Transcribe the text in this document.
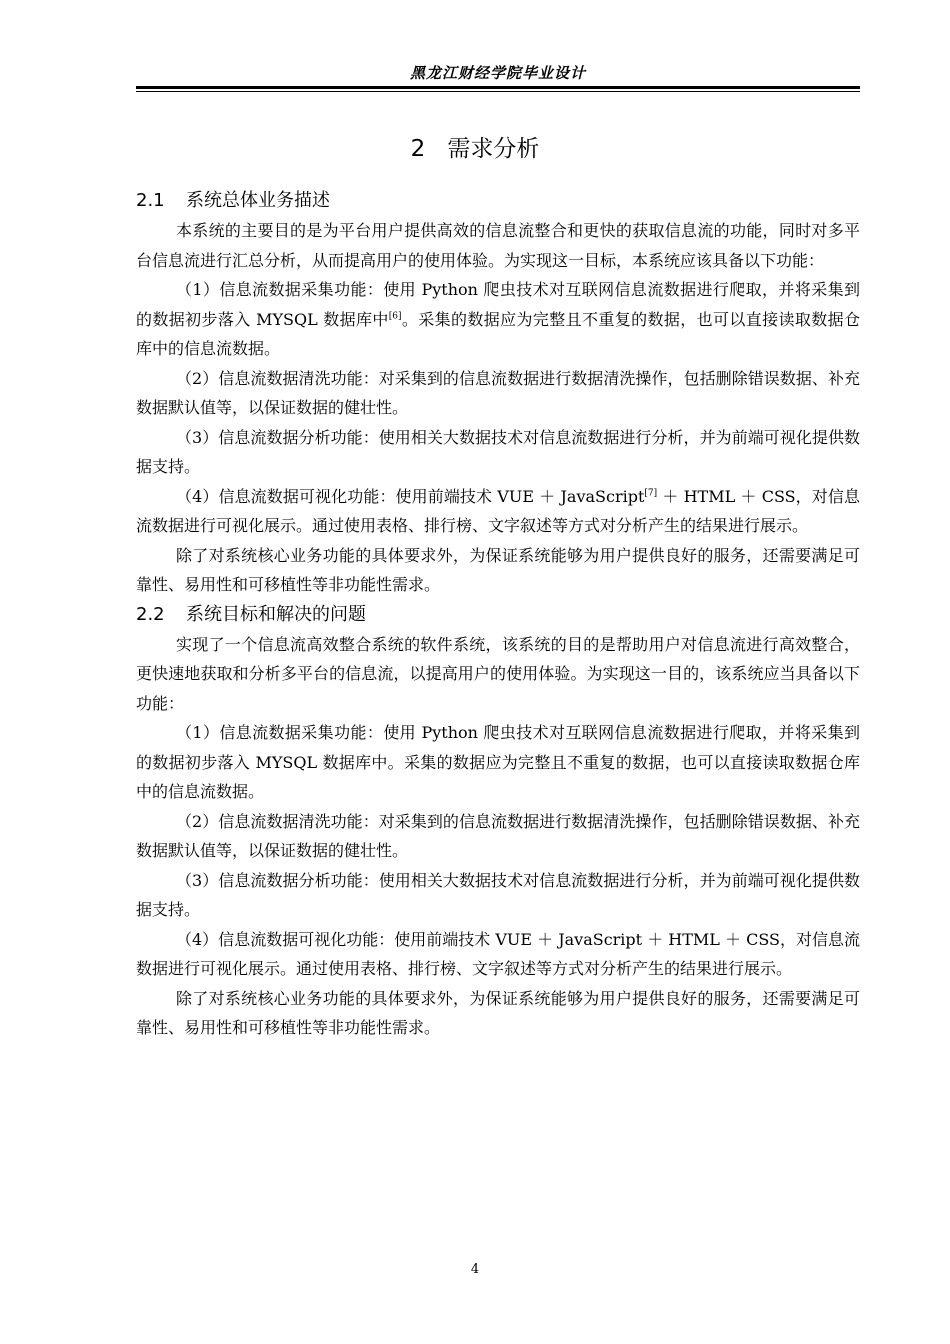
黑龙江财经学院毕业设计
2 需求分析
2.1 系统总体业务描述

本系统的主要目的是为平台用户提供高效的信息流整合和更快的获取信息流的功能，同时对多平台信息流进行汇总分析，从而提高用户的使用体验。为实现这一目标，本系统应该具备以下功能：

（1）信息流数据采集功能：使用 Python 爬虫技术对互联网信息流数据进行爬取，并将采集到的数据初步落入 MYSQL 数据库中[6]。采集的数据应为完整且不重复的数据，也可以直接读取数据仓库中的信息流数据。

（2）信息流数据清洗功能：对采集到的信息流数据进行数据清洗操作，包括删除错误数据、补充数据默认值等，以保证数据的健壮性。

（3）信息流数据分析功能：使用相关大数据技术对信息流数据进行分析，并为前端可视化提供数据支持。

（4）信息流数据可视化功能：使用前端技术 VUE ＋ JavaScript[7] ＋ HTML ＋ CSS，对信息流数据进行可视化展示。通过使用表格、排行榜、文字叙述等方式对分析产生的结果进行展示。

除了对系统核心业务功能的具体要求外，为保证系统能够为用户提供良好的服务，还需要满足可靠性、易用性和可移植性等非功能性需求。

2.2 系统目标和解决的问题

实现了一个信息流高效整合系统的软件系统，该系统的目的是帮助用户对信息流进行高效整合，更快速地获取和分析多平台的信息流，以提高用户的使用体验。为实现这一目的，该系统应当具备以下功能：

（1）信息流数据采集功能：使用 Python 爬虫技术对互联网信息流数据进行爬取，并将采集到的数据初步落入 MYSQL 数据库中。采集的数据应为完整且不重复的数据，也可以直接读取数据仓库中的信息流数据。

（2）信息流数据清洗功能：对采集到的信息流数据进行数据清洗操作，包括删除错误数据、补充数据默认值等，以保证数据的健壮性。

（3）信息流数据分析功能：使用相关大数据技术对信息流数据进行分析，并为前端可视化提供数据支持。

（4）信息流数据可视化功能：使用前端技术 VUE ＋ JavaScript ＋ HTML ＋ CSS，对信息流数据进行可视化展示。通过使用表格、排行榜、文字叙述等方式对分析产生的结果进行展示。

除了对系统核心业务功能的具体要求外，为保证系统能够为用户提供良好的服务，还需要满足可靠性、易用性和可移植性等非功能性需求。

4
